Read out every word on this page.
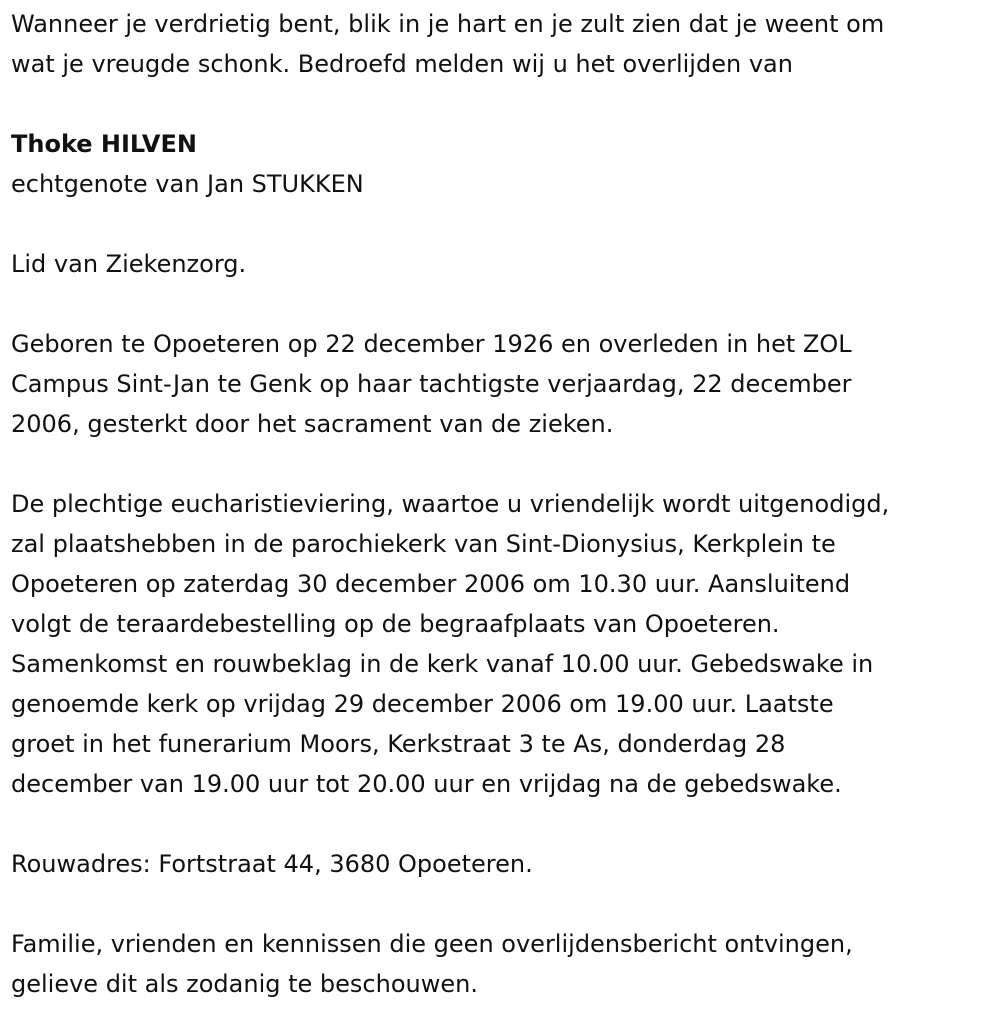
Wanneer je verdrietig bent, blik in je hart en je zult zien dat je weent om
wat je vreugde schonk. Bedroefd melden wij u het overlijden van
Thoke HILVEN
echtgenote van Jan STUKKEN
Lid van Ziekenzorg.
Geboren te Opoeteren op 22 december 1926 en overleden in het ZOL
Campus Sint-Jan te Genk op haar tachtigste verjaardag, 22 december
2006, gesterkt door het sacrament van de zieken.
De plechtige eucharistieviering, waartoe u vriendelijk wordt uitgenodigd,
zal plaatshebben in de parochiekerk van Sint-Dionysius, Kerkplein te
Opoeteren op zaterdag 30 december 2006 om 10.30 uur. Aansluitend
volgt de teraardebestelling op de begraafplaats van Opoeteren.
Samenkomst en rouwbeklag in de kerk vanaf 10.00 uur. Gebedswake in
genoemde kerk op vrijdag 29 december 2006 om 19.00 uur. Laatste
groet in het funerarium Moors, Kerkstraat 3 te As, donderdag 28
december van 19.00 uur tot 20.00 uur en vrijdag na de gebedswake.
Rouwadres: Fortstraat 44, 3680 Opoeteren.
Familie, vrienden en kennissen die geen overlijdensbericht ontvingen,
gelieve dit als zodanig te beschouwen.
